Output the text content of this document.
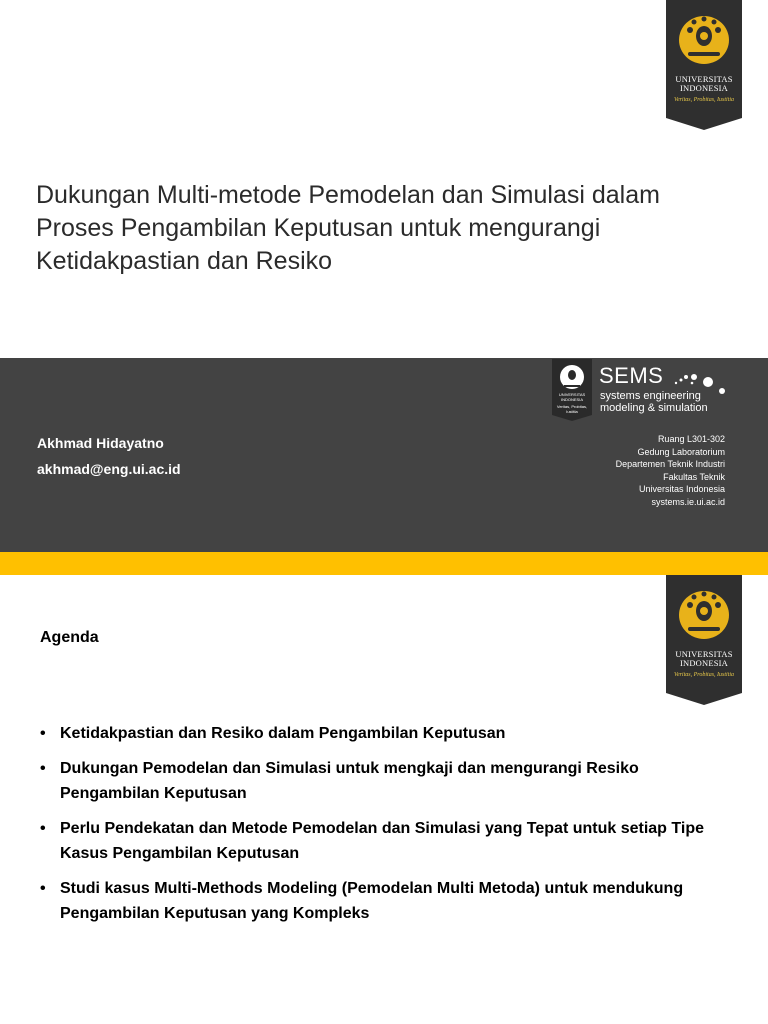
UNIVERSITAS
INDONESIA
Veritas, Probitas, Iustitia
Dukungan Multi-metode Pemodelan dan Simulasi dalam Proses Pengambilan Keputusan untuk mengurangi Ketidakpastian dan Resiko
UNIVERSITAS
INDONESIA
Veritas, Probitas, Iustitia
SEMS
systems engineering
modeling & simulation
Akhmad Hidayatno
akhmad@eng.ui.ac.id
Ruang L301-302
Gedung Laboratorium
Departemen Teknik Industri
Fakultas Teknik
Universitas Indonesia
systems.ie.ui.ac.id
UNIVERSITAS
INDONESIA
Veritas, Probitas, Iustitia
Agenda
• Ketidakpastian dan Resiko dalam Pengambilan Keputusan
• Dukungan Pemodelan dan Simulasi untuk mengkaji dan mengurangi Resiko Pengambilan Keputusan
• Perlu Pendekatan dan Metode Pemodelan dan Simulasi yang Tepat untuk setiap Tipe Kasus Pengambilan Keputusan
• Studi kasus Multi-Methods Modeling (Pemodelan Multi Metoda) untuk mendukung Pengambilan Keputusan yang Kompleks
